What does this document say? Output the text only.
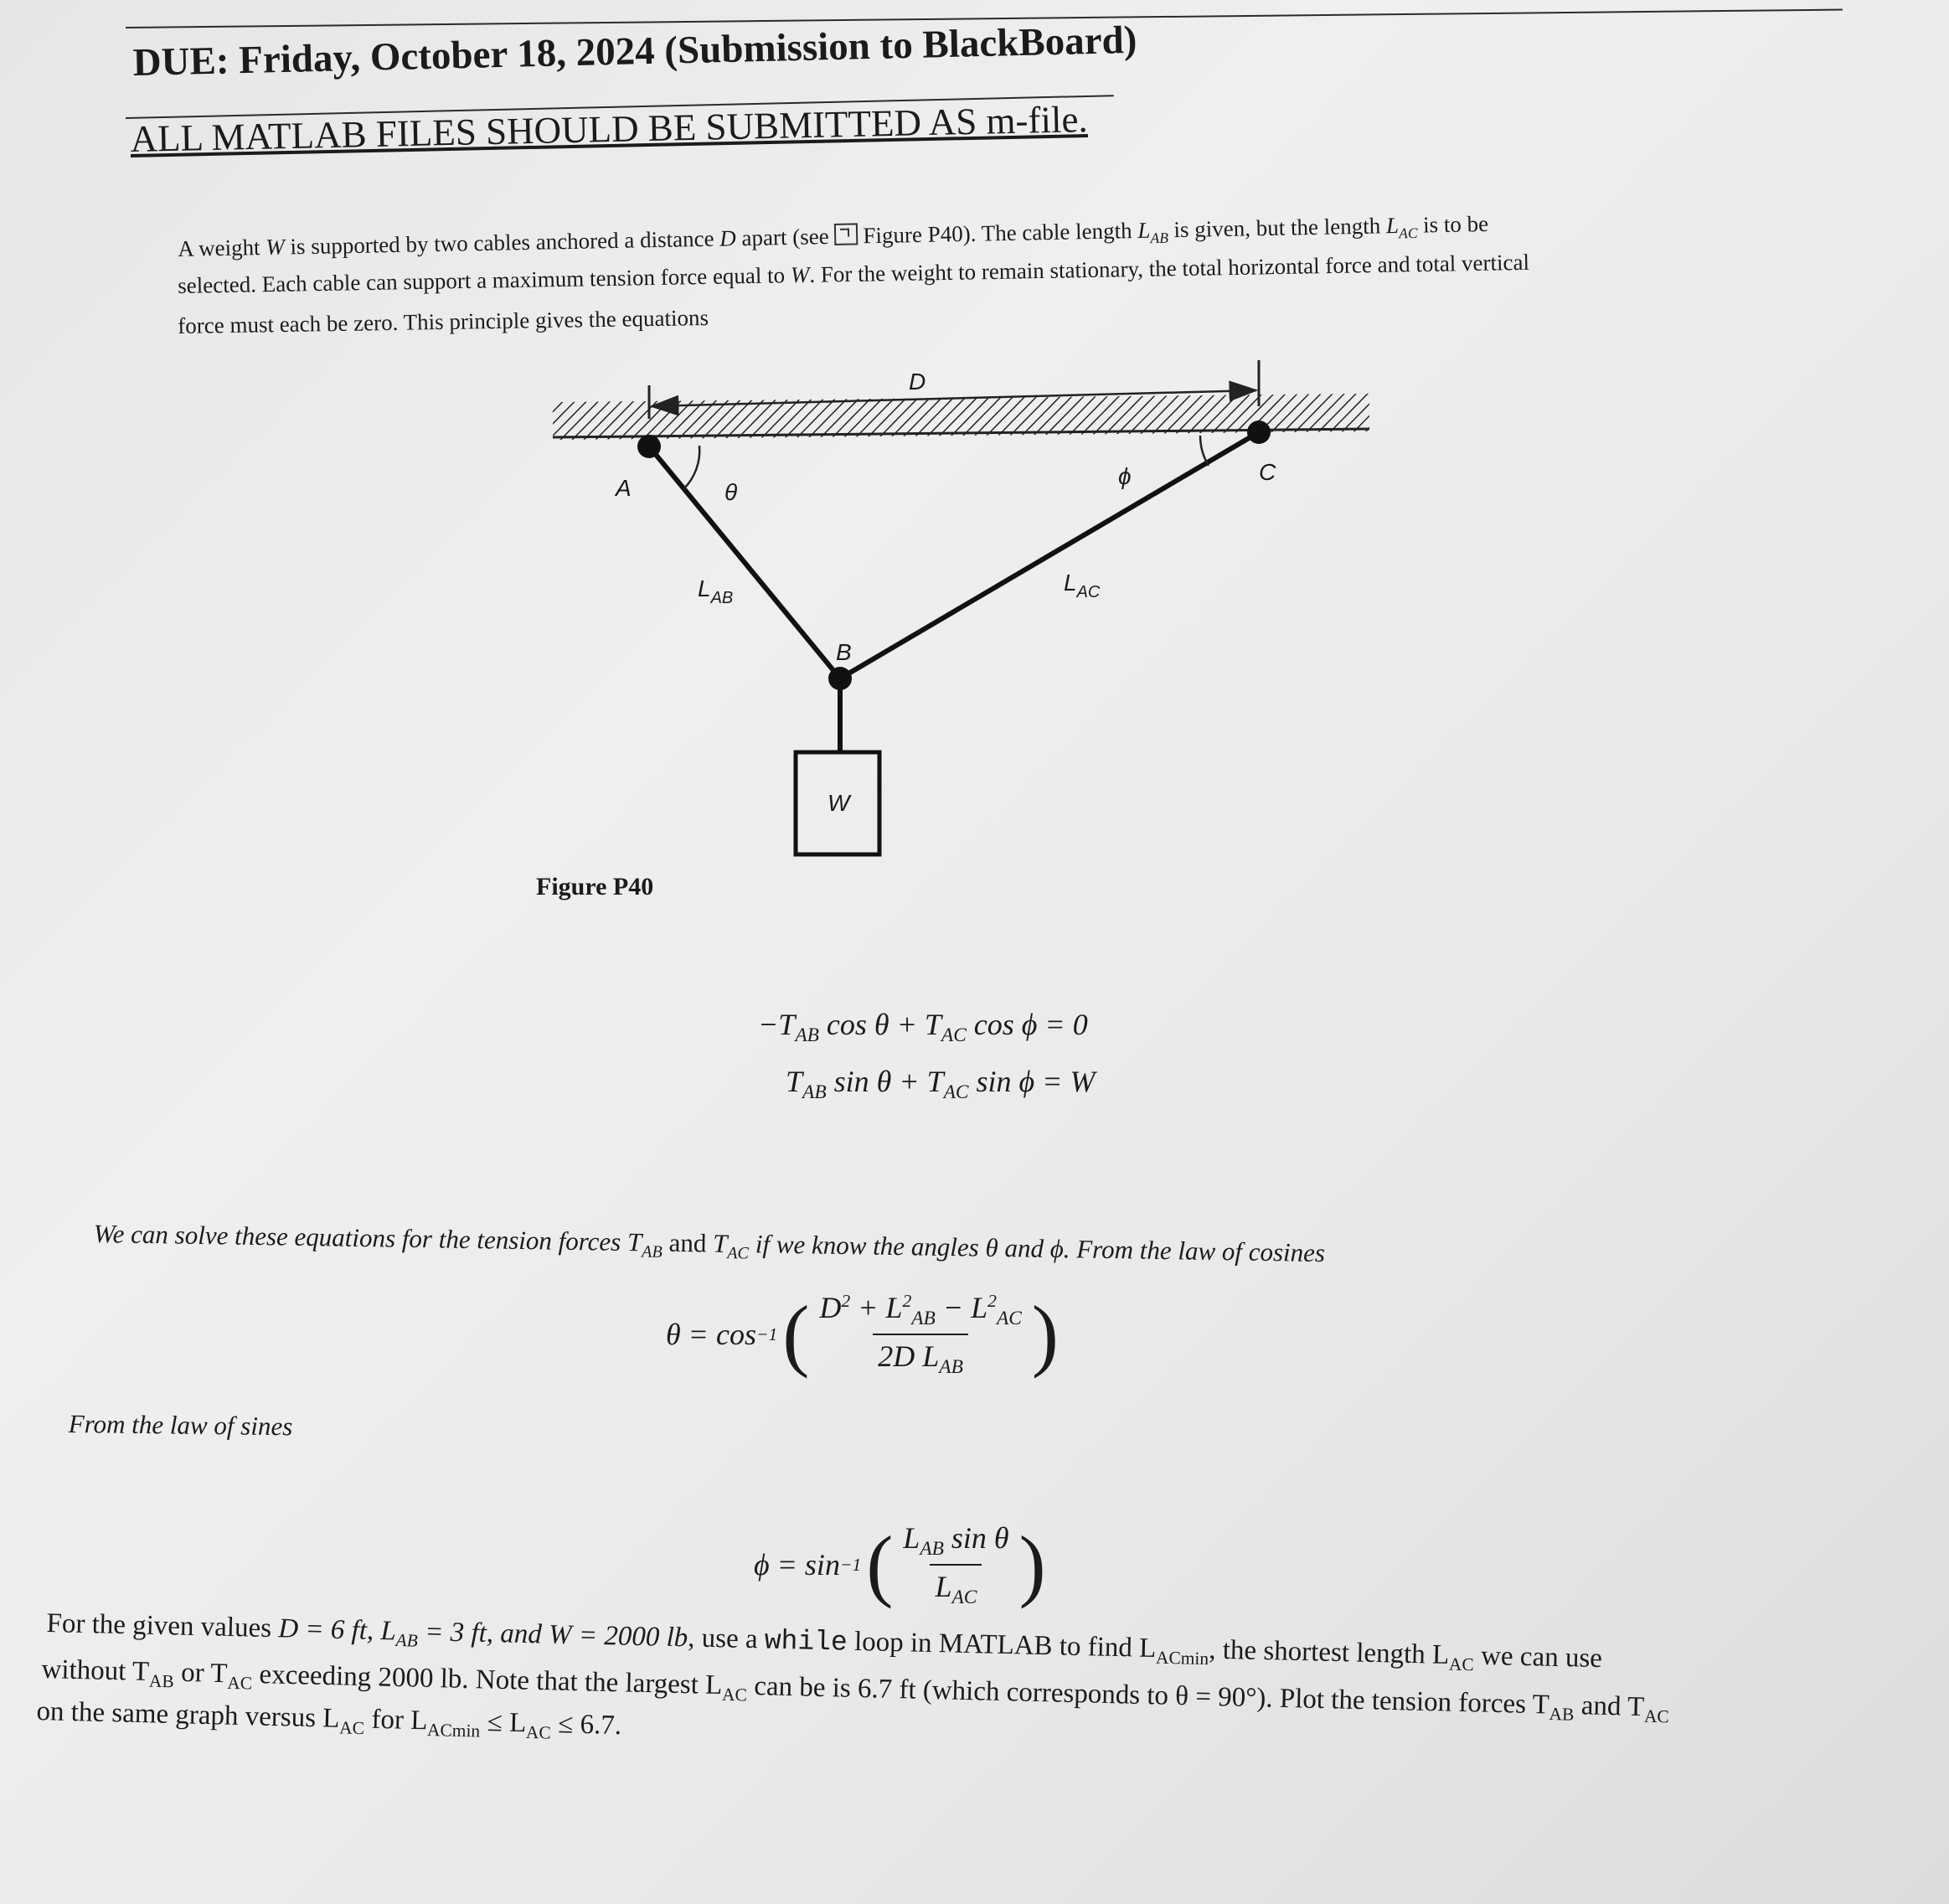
DUE: Friday, October 18, 2024 (Submission to BlackBoard)
ALL MATLAB FILES SHOULD BE SUBMITTED AS m-file.
A weight W is supported by two cables anchored a distance D apart (see Figure P40). The cable length $L_{AB}$ is given, but the length $L_{AC}$ is to be
selected. Each cable can support a maximum tension force equal to W. For the weight to remain stationary, the total horizontal force and total vertical
force must each be zero. This principle gives the equations
D
A
C
B
W
θ
ϕ
$L_{AB}$
$L_{AC}$
Figure P40
$-T_{AB}$ $\cos \theta + T_{AC}$ cos ϕ = 0
$T_{AB}$ $\sin \theta + T_{AC}$ sin ϕ = W
We can solve these equations for the tension forces $T_{AB}$ and $T_{AC}$ if we know the angles θ and ϕ. From the law of cosines
θ = cos −1 ( $\frac{D^2 + L^2_{AB} - L^2_{AC}}{2D L_{AB}}$ )
From the law of sines
ϕ = sin −1 ( $\frac{L_{AB} \sin \theta}{L_{AC}}$ )
For the given values D = 6 ft, $L_{AB} = 3$ ft, and W = 2000 lb, use a while loop in MATLAB to find $L_{ACmin}$, the shortest length $L_{AC}$ we can use
without $T_{AB}$ or $T_{AC}$ exceeding 2000 lb. Note that the largest $L_{AC}$ can be is 6.7 ft (which corresponds to θ = 90°). Plot the tension forces $T_{AB}$ and $T_{AC}$
on the same graph versus $L_{AC}$ for $L_{ACmin} \le L_{AC} \le 6.7$.
